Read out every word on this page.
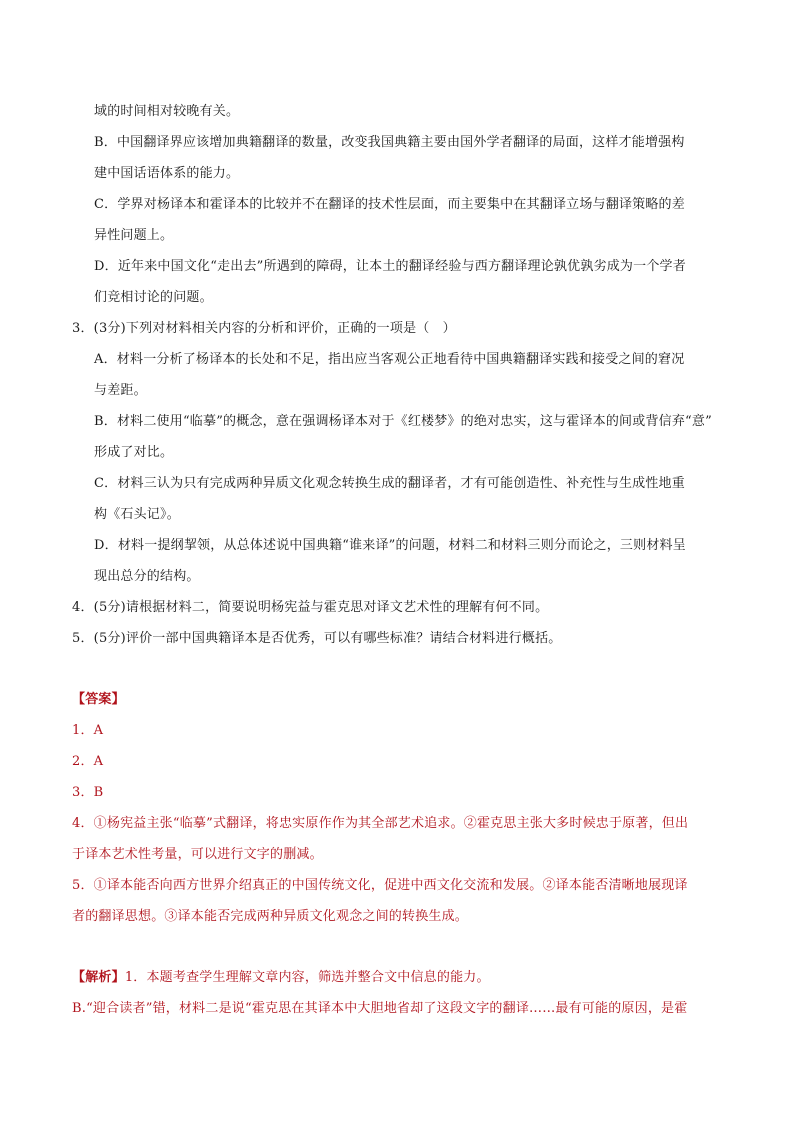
域的时间相对较晚有关。
B．中国翻译界应该增加典籍翻译的数量，改变我国典籍主要由国外学者翻译的局面，这样才能增强构
建中国话语体系的能力。
C．学界对杨译本和霍译本的比较并不在翻译的技术性层面，而主要集中在其翻译立场与翻译策略的差
异性问题上。
D．近年来中国文化“走出去”所遇到的障碍，让本土的翻译经验与西方翻译理论孰优孰劣成为一个学者
们竞相讨论的问题。
3．(3分)下列对材料相关内容的分析和评价，正确的一项是（　）
A．材料一分析了杨译本的长处和不足，指出应当客观公正地看待中国典籍翻译实践和接受之间的窘况
与差距。
B．材料二使用“临摹”的概念，意在强调杨译本对于《红楼梦》的绝对忠实，这与霍译本的间或背信弃“意”
形成了对比。
C．材料三认为只有完成两种异质文化观念转换生成的翻译者，才有可能创造性、补充性与生成性地重
构《石头记》。
D．材料一提纲挈领，从总体述说中国典籍“谁来译”的问题，材料二和材料三则分而论之，三则材料呈
现出总分的结构。
4．(5分)请根据材料二，简要说明杨宪益与霍克思对译文艺术性的理解有何不同。
5．(5分)评价一部中国典籍译本是否优秀，可以有哪些标准？请结合材料进行概括。
【答案】
1．A
2．A
3．B
4．①杨宪益主张“临摹”式翻译，将忠实原作作为其全部艺术追求。②霍克思主张大多时候忠于原著，但出
于译本艺术性考量，可以进行文字的删减。
5．①译本能否向西方世界介绍真正的中国传统文化，促进中西文化交流和发展。②译本能否清晰地展现译
者的翻译思想。③译本能否完成两种异质文化观念之间的转换生成。
【解析】1．本题考查学生理解文章内容，筛选并整合文中信息的能力。
B.“迎合读者”错，材料二是说“霍克思在其译本中大胆地省却了这段文字的翻译……最有可能的原因，是霍
